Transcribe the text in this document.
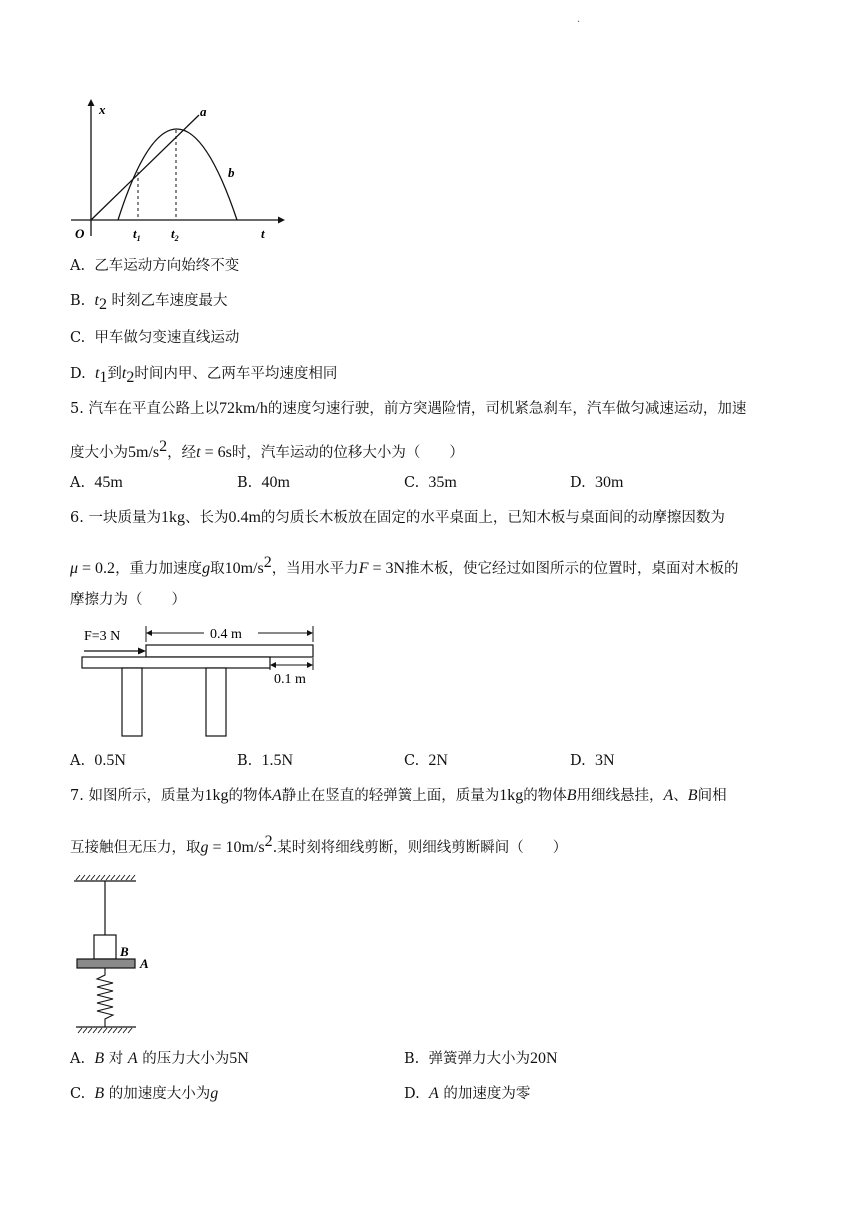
.
x	a
b
O	$t_1$ $t_2$	t
A. 乙车运动方向始终不变
B. $t_2$ 时刻乙车速度最大
C. 甲车做匀变速直线运动
D. $t_1$到$t_2$时间内甲、乙两车平均速度相同
5. 汽车在平直公路上以72km/h的速度匀速行驶，前方突遇险情，司机紧急刹车，汽车做匀减速运动，加速
度大小为$5m/s^2$，经t = 6s时，汽车运动的位移大小为（　　）
A. 45m	B. 40m	C. 35m	D. 30m
6. 一块质量为1kg、长为0.4m的匀质长木板放在固定的水平桌面上，已知木板与桌面间的动摩擦因数为
μ = 0.2，重力加速度g取$10m/s^2$，当用水平力F = 3N推木板，使它经过如图所示的位置时，桌面对木板的
摩擦力为（　　）
F=3 N	0.4 m
0.1 m
A. 0.5N	B. 1.5N	C. 2N	D. 3N
7. 如图所示，质量为1kg的物体A静止在竖直的轻弹簧上面，质量为1kg的物体B用细线悬挂，A、B间相
互接触但无压力，取$g = 10m/s^2$.某时刻将细线剪断，则细线剪断瞬间（　　）
B
A
A. B 对 A 的压力大小为5N	B. 弹簧弹力大小为20N
C. B 的加速度大小为g	D. A 的加速度为零
